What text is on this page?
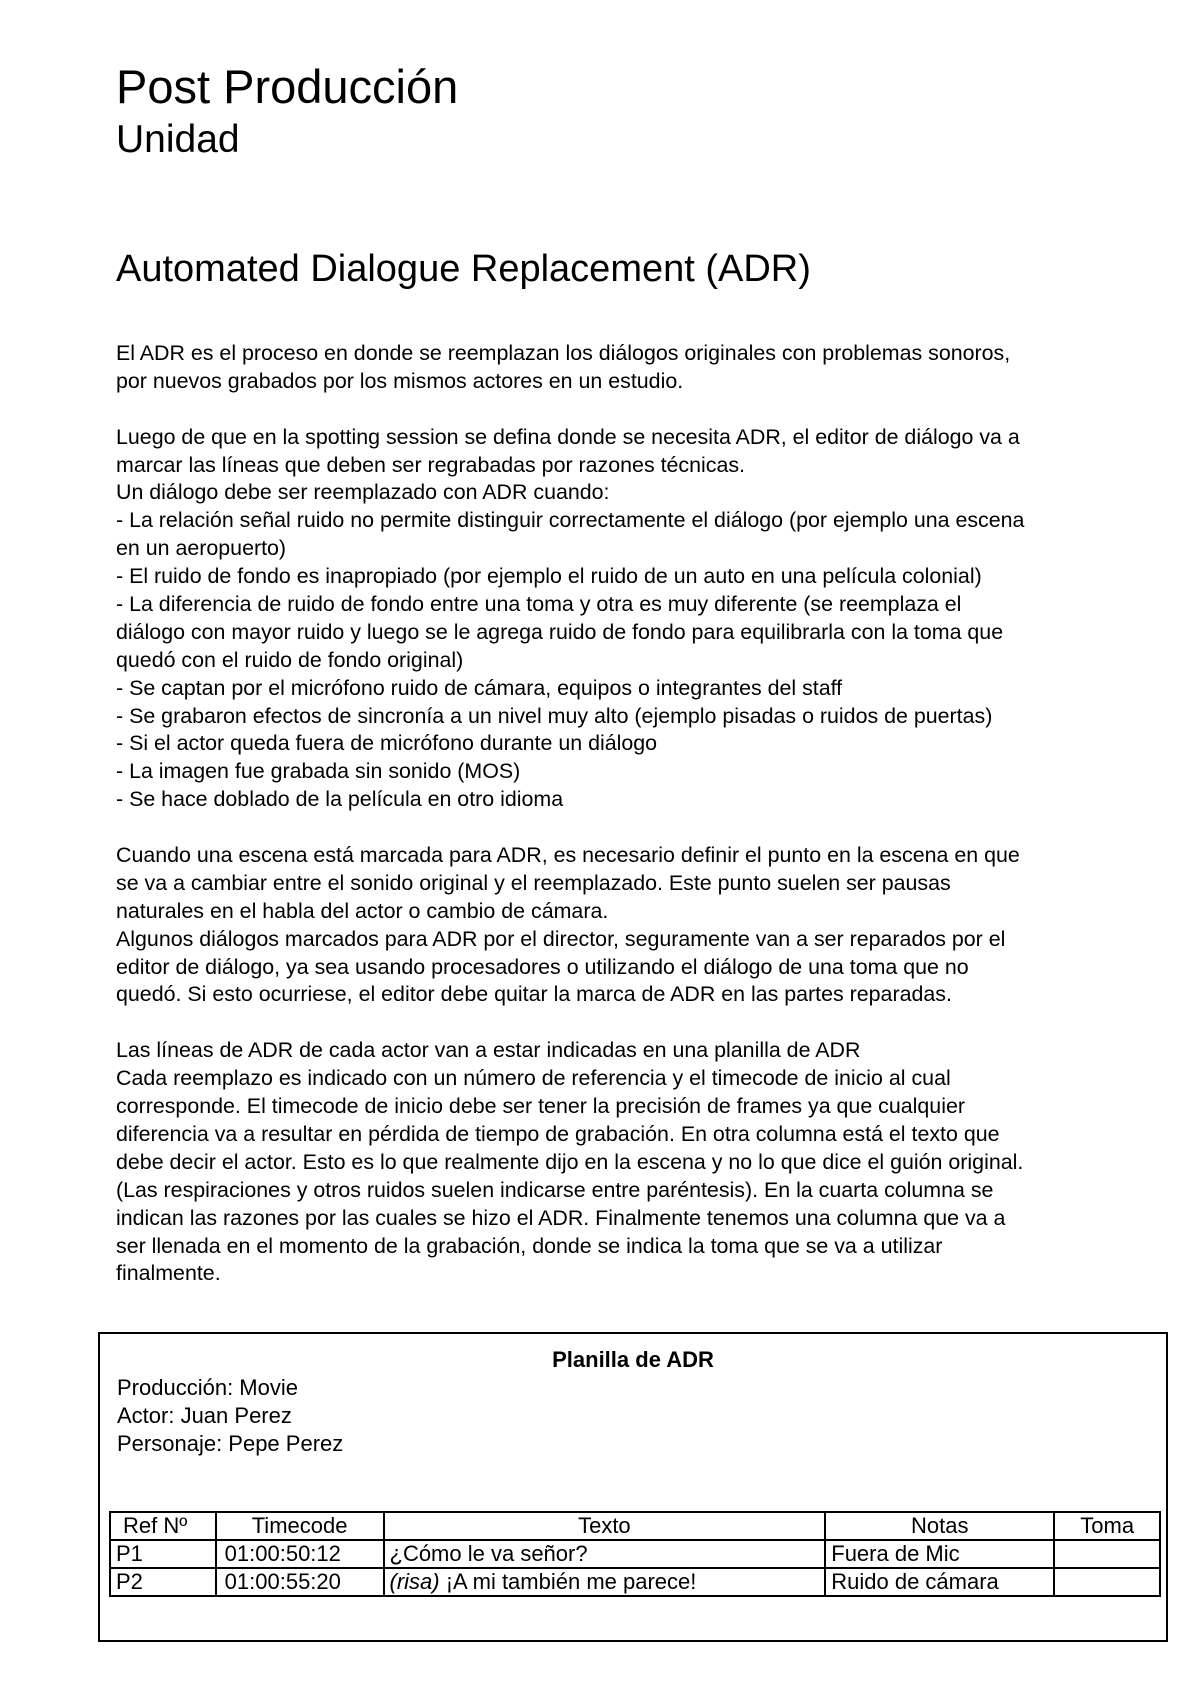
Post Producción
Unidad
Automated Dialogue Replacement (ADR)
El ADR es el proceso en donde se reemplazan los diálogos originales con problemas sonoros,
por nuevos grabados por los mismos actores en un estudio.
Luego de que en la spotting session se defina donde se necesita ADR, el editor de diálogo va a
marcar las líneas que deben ser regrabadas por razones técnicas.
Un diálogo debe ser reemplazado con ADR cuando:
- La relación señal ruido no permite distinguir correctamente el diálogo (por ejemplo una escena
en un aeropuerto)
- El ruido de fondo es inapropiado (por ejemplo el ruido de un auto en una película colonial)
- La diferencia de ruido de fondo entre una toma y otra es muy diferente (se reemplaza el
diálogo con mayor ruido y luego se le agrega ruido de fondo para equilibrarla con la toma que
quedó con el ruido de fondo original)
- Se captan por el micrófono ruido de cámara, equipos o integrantes del staff
- Se grabaron efectos de sincronía a un nivel muy alto (ejemplo pisadas o ruidos de puertas)
- Si el actor queda fuera de micrófono durante un diálogo
- La imagen fue grabada sin sonido (MOS)
- Se hace doblado de la película en otro idioma
Cuando una escena está marcada para ADR, es necesario definir el punto en la escena en que
se va a cambiar entre el sonido original y el reemplazado. Este punto suelen ser pausas
naturales en el habla del actor o cambio de cámara.
Algunos diálogos marcados para ADR por el director, seguramente van a ser reparados por el
editor de diálogo, ya sea usando procesadores o utilizando el diálogo de una toma que no
quedó. Si esto ocurriese, el editor debe quitar la marca de ADR en las partes reparadas.
Las líneas de ADR de cada actor van a estar indicadas en una planilla de ADR
Cada reemplazo es indicado con un número de referencia y el timecode de inicio al cual
corresponde. El timecode de inicio debe ser tener la precisión de frames ya que cualquier
diferencia va a resultar en pérdida de tiempo de grabación. En otra columna está el texto que
debe decir el actor. Esto es lo que realmente dijo en la escena y no lo que dice el guión original.
(Las respiraciones y otros ruidos suelen indicarse entre paréntesis). En la cuarta columna se
indican las razones por las cuales se hizo el ADR. Finalmente tenemos una columna que va a
ser llenada en el momento de la grabación, donde se indica la toma que se va a utilizar
finalmente.
Planilla de ADR
Producción: Movie
Actor: Juan Perez
Personaje: Pepe Perez
Ref Nº	Timecode	Texto	Notas	Toma
P1	01:00:50:12	¿Cómo le va señor?	Fuera de Mic	
P2	01:00:55:20	(risa) ¡A mi también me parece!	Ruido de cámara	
